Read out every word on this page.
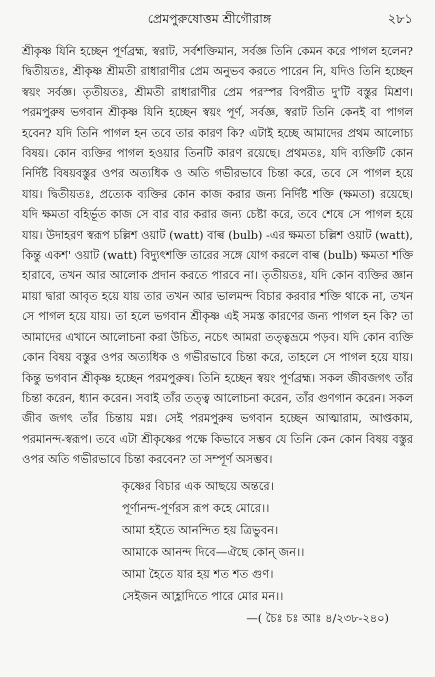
প্রেমপুরুষোত্তম শ্রীগৌরাঙ্গ	২৮১

শ্রীকৃষ্ণ যিনি হচ্ছেন পূর্ণব্রহ্ম, স্বরাট, সর্বশক্তিমান, সর্বজ্ঞ তিনি কেমন করে পাগল হলেন? দ্বিতীয়তঃ, শ্রীকৃষ্ণ শ্রীমতী রাধারাণীর প্রেম অনুভব করতে পারেন নি, যদিও তিনি হচ্ছেন স্বয়ং সর্বজ্ঞ। তৃতীয়তঃ, শ্রীমতী রাধারাণীর প্রেম পরস্পর বিপরীত দু'টি বস্তুর মিশ্রণ। পরমপুরুষ ভগবান শ্রীকৃষ্ণ যিনি হচ্ছেন স্বয়ং পূর্ণ, সর্বজ্ঞ, স্বরাট তিনি কেনই বা পাগল হবেন? যদি তিনি পাগল হন তবে তার কারণ কি? এটাই হচ্ছে আমাদের প্রথম আলোচ্য বিষয়। কোন ব্যক্তির পাগল হওয়ার তিনটি কারণ রয়েছে। প্রথমতঃ, যদি ব্যক্তিটি কোন নির্দিষ্ট বিষয়বস্তুর ওপর অত্যধিক ও অতি গভীরভাবে চিন্তা করে, তবে সে পাগল হয়ে যায়। দ্বিতীয়তঃ, প্রত্যেক ব্যক্তির কোন কাজ করার জন্য নির্দিষ্ট শক্তি (ক্ষমতা) রয়েছে। যদি ক্ষমতা বহির্ভূত কাজ সে বার বার করার জন্য চেষ্টা করে, তবে শেষে সে পাগল হয়ে যায়। উদাহরণ স্বরূপ চল্লিশ ওয়াট (watt) বাল্ব (bulb) -এর ক্ষমতা চল্লিশ ওয়াট (watt), কিন্তু একশ' ওয়াট (watt) বিদ্যুৎশক্তি তারের সঙ্গে যোগ করলে বাল্ব (bulb) ক্ষমতা শক্তি হারাবে, তখন আর আলোক প্রদান করতে পারবে না। তৃতীয়তঃ, যদি কোন ব্যক্তির জ্ঞান মায়া দ্বারা আবৃত হয়ে যায় তার তখন আর ভালমন্দ বিচার করবার শক্তি থাকে না, তখন সে পাগল হয়ে যায়। তা হলে ভগবান শ্রীকৃষ্ণ এই সমস্ত কারণের জন্য পাগল হন কি? তা আমাদের এখানে আলোচনা করা উচিত, নচেৎ আমরা তত্ত্বভ্রমে পড়ব। যদি কোন ব্যক্তি কোন বিষয় বস্তুর ওপর অত্যধিক ও গভীরভাবে চিন্তা করে, তাহলে সে পাগল হয়ে যায়। কিন্তু ভগবান শ্রীকৃষ্ণ হচ্ছেন পরমপুরুষ। তিনি হচ্ছেন স্বয়ং পূর্ণব্রহ্ম। সকল জীবজগৎ তাঁর চিন্তা করেন, ধ্যান করেন। সবাই তাঁর তত্ত্ব আলোচনা করেন, তাঁর গুণগান করেন। সকল জীব জগৎ তাঁর চিন্তায় মগ্ন। সেই পরমপুরুষ ভগবান হচ্ছেন আত্মারাম, আপ্তকাম, পরমানন্দ-স্বরূপ। তবে এটা শ্রীকৃষ্ণের পক্ষে কিভাবে সম্ভব যে তিনি কেন কোন বিষয় বস্তুর ওপর অতি গভীরভাবে চিন্তা করবেন? তা সম্পূর্ণ অসম্ভব।

কৃষ্ণের বিচার এক আছয়ে অন্তরে।
পূর্ণানন্দ-পূর্ণরস রূপ কহে মোরে।।
আমা হইতে আনন্দিত হয় ত্রিভুবন।
আমাকে আনন্দ দিবে—ঐছে কোন্‌ জন।।
আমা হৈতে যার হয় শত শত গুণ।
সেইজন আহ্লাদিতে পারে মোর মন।।
—( চৈঃ চঃ আঃ ৪/২৩৮-২৪০)
